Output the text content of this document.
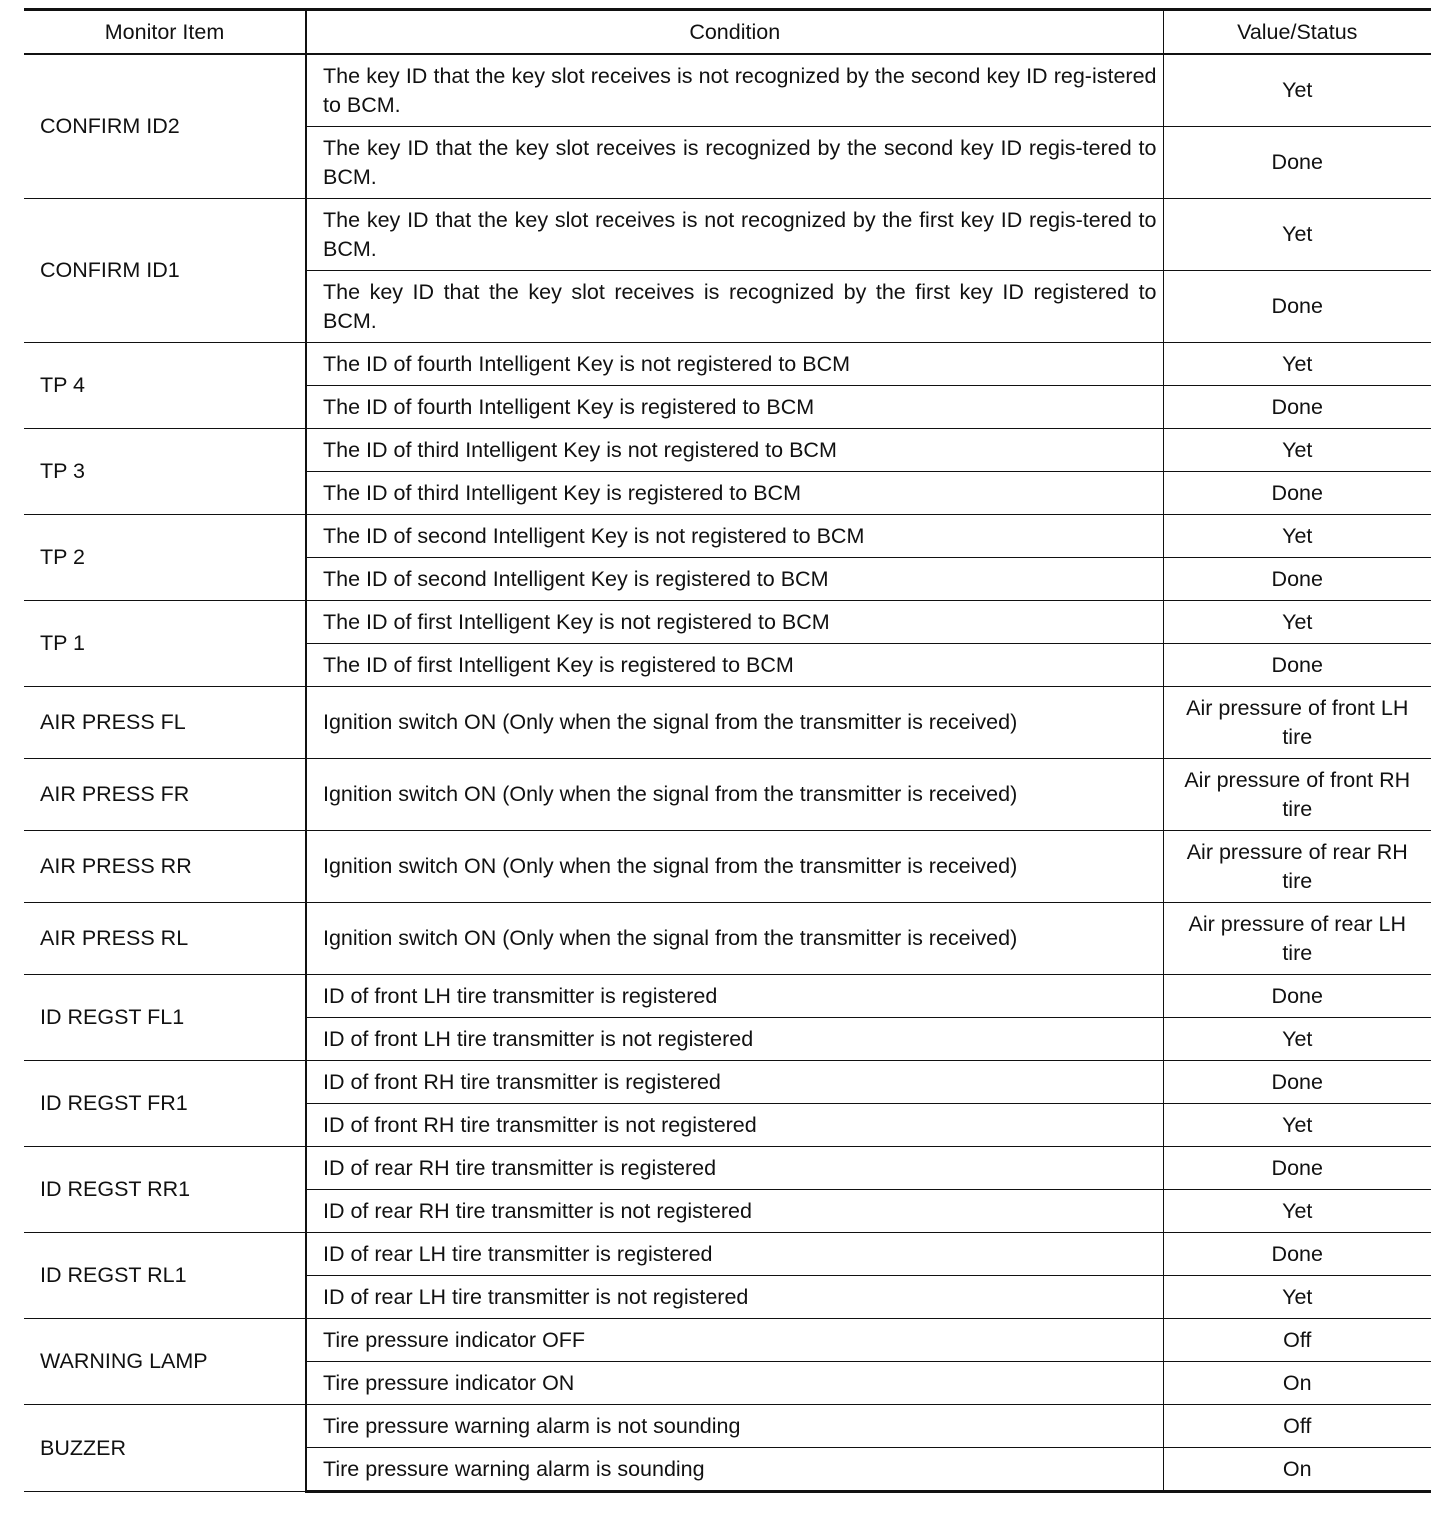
Monitor Item	Condition	Value/Status
CONFIRM ID2	The key ID that the key slot receives is not recognized by the second key ID reg-istered to BCM.	Yet
	The key ID that the key slot receives is recognized by the second key ID regis-tered to BCM.	Done
CONFIRM ID1	The key ID that the key slot receives is not recognized by the first key ID regis-tered to BCM.	Yet
	The key ID that the key slot receives is recognized by the first key ID registered to BCM.	Done
TP 4	The ID of fourth Intelligent Key is not registered to BCM	Yet
	The ID of fourth Intelligent Key is registered to BCM	Done
TP 3	The ID of third Intelligent Key is not registered to BCM	Yet
	The ID of third Intelligent Key is registered to BCM	Done
TP 2	The ID of second Intelligent Key is not registered to BCM	Yet
	The ID of second Intelligent Key is registered to BCM	Done
TP 1	The ID of first Intelligent Key is not registered to BCM	Yet
	The ID of first Intelligent Key is registered to BCM	Done
AIR PRESS FL	Ignition switch ON (Only when the signal from the transmitter is received)	Air pressure of front LH tire
AIR PRESS FR	Ignition switch ON (Only when the signal from the transmitter is received)	Air pressure of front RH tire
AIR PRESS RR	Ignition switch ON (Only when the signal from the transmitter is received)	Air pressure of rear RH tire
AIR PRESS RL	Ignition switch ON (Only when the signal from the transmitter is received)	Air pressure of rear LH tire
ID REGST FL1	ID of front LH tire transmitter is registered	Done
	ID of front LH tire transmitter is not registered	Yet
ID REGST FR1	ID of front RH tire transmitter is registered	Done
	ID of front RH tire transmitter is not registered	Yet
ID REGST RR1	ID of rear RH tire transmitter is registered	Done
	ID of rear RH tire transmitter is not registered	Yet
ID REGST RL1	ID of rear LH tire transmitter is registered	Done
	ID of rear LH tire transmitter is not registered	Yet
WARNING LAMP	Tire pressure indicator OFF	Off
	Tire pressure indicator ON	On
BUZZER	Tire pressure warning alarm is not sounding	Off
	Tire pressure warning alarm is sounding	On
